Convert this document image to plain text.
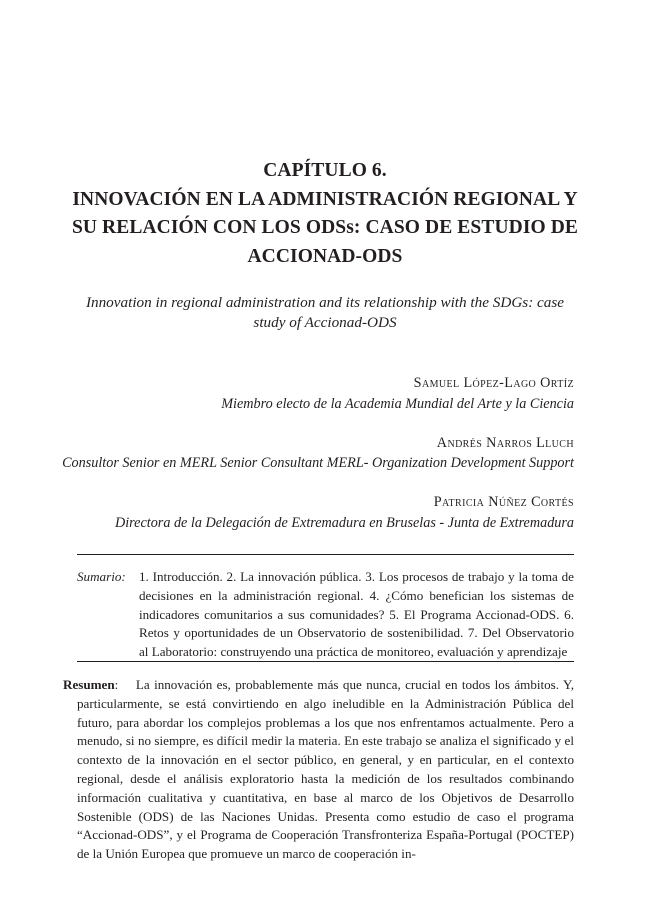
CAPÍTULO 6.
INNOVACIÓN EN LA ADMINISTRACIÓN REGIONAL Y
SU RELACIÓN CON LOS ODSs: CASO DE ESTUDIO DE
ACCIONAD-ODS
Innovation in regional administration and its relationship with the SDGs: case
study of Accionad-ODS
Samuel López-Lago Ortíz
Miembro electo de la Academia Mundial del Arte y la Ciencia
Andrés Narros Lluch
Consultor Senior en MERL Senior Consultant MERL- Organization Development Support
Patricia Núñez Cortés
Directora de la Delegación de Extremadura en Bruselas - Junta de Extremadura
Sumario: 1. Introducción. 2. La innovación pública. 3. Los procesos de trabajo y la toma de decisiones en la administración regional. 4. ¿Cómo benefician los sistemas de indicadores comunitarios a sus comunidades? 5. El Programa Accionad-ODS. 6. Retos y oportunidades de un Observatorio de sostenibilidad. 7. Del Observatorio al Laboratorio: construyendo una práctica de monitoreo, evaluación y aprendizaje
Resumen:    La innovación es, probablemente más que nunca, crucial en todos los ámbitos. Y, particularmente, se está convirtiendo en algo ineludible en la Administración Pública del futuro, para abordar los complejos problemas a los que nos enfrentamos actualmente. Pero a menudo, si no siempre, es difícil medir la materia. En este trabajo se analiza el significado y el contexto de la innovación en el sector público, en general, y en particular, en el contexto regional, desde el análisis exploratorio hasta la medición de los resultados combinando información cualitativa y cuantitativa, en base al marco de los Objetivos de Desarrollo Sostenible (ODS) de las Naciones Unidas. Presenta como estudio de caso el programa “Accionad-ODS”, y el Programa de Cooperación Transfronteriza España-Portugal (POCTEP) de la Unión Europea que promueve un marco de cooperación in-
